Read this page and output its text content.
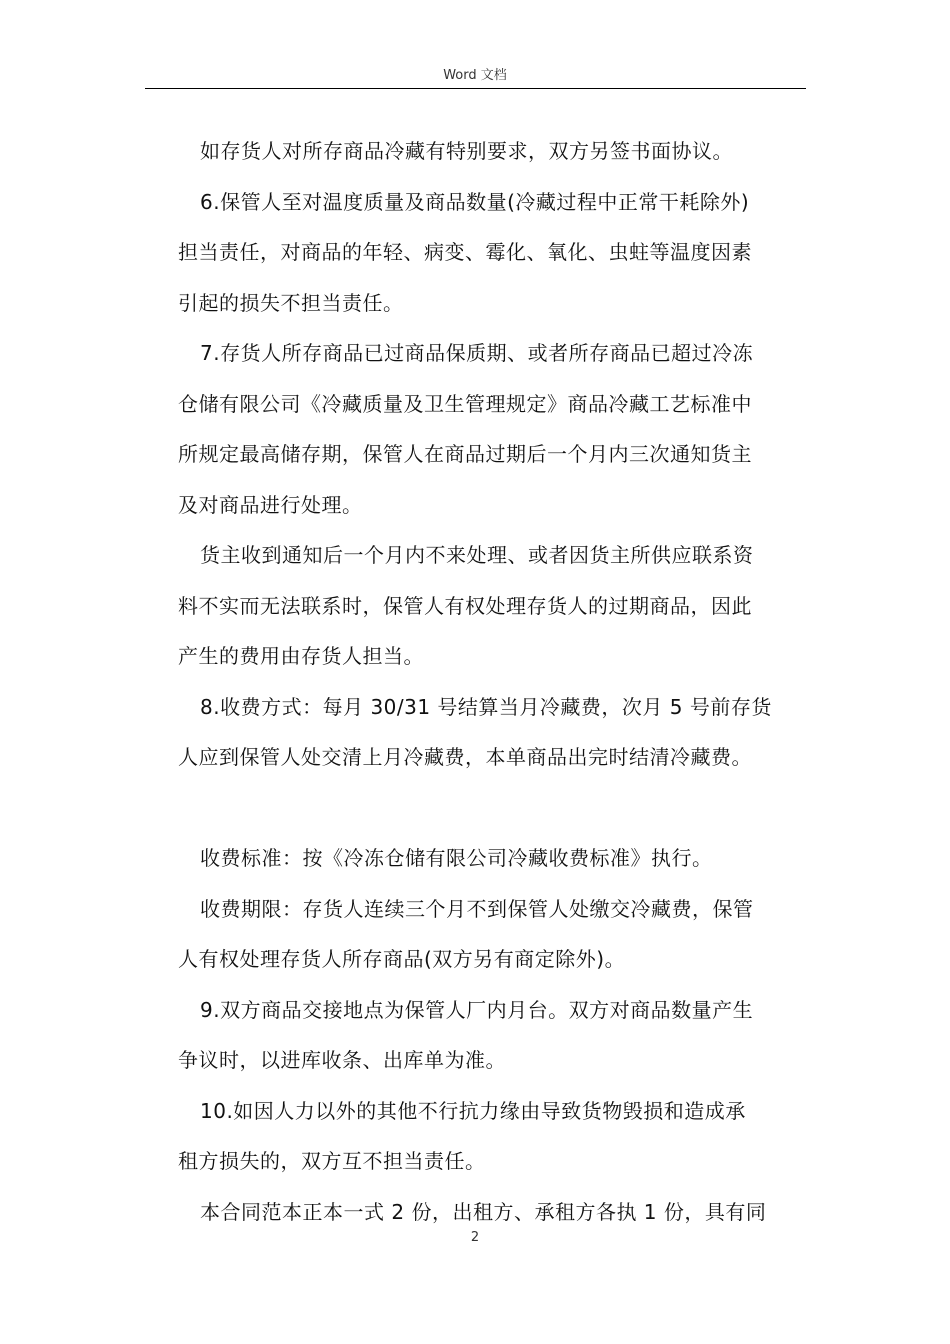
Word 文档

如存货人对所存商品冷藏有特别要求，双方另签书面协议。

6.保管人至对温度质量及商品数量(冷藏过程中正常干耗除外)

担当责任，对商品的年轻、病变、霉化、氧化、虫蛀等温度因素

引起的损失不担当责任。

7.存货人所存商品已过商品保质期、或者所存商品已超过冷冻

仓储有限公司《冷藏质量及卫生管理规定》商品冷藏工艺标准中

所规定最高储存期，保管人在商品过期后一个月内三次通知货主

及对商品进行处理。

货主收到通知后一个月内不来处理、或者因货主所供应联系资

料不实而无法联系时，保管人有权处理存货人的过期商品，因此

产生的费用由存货人担当。

8.收费方式：每月 30/31 号结算当月冷藏费，次月 5 号前存货

人应到保管人处交清上月冷藏费，本单商品出完时结清冷藏费。

收费标准：按《冷冻仓储有限公司冷藏收费标准》执行。

收费期限：存货人连续三个月不到保管人处缴交冷藏费，保管

人有权处理存货人所存商品(双方另有商定除外)。

9.双方商品交接地点为保管人厂内月台。双方对商品数量产生

争议时，以进库收条、出库单为准。

10.如因人力以外的其他不行抗力缘由导致货物毁损和造成承

租方损失的，双方互不担当责任。

本合同范本正本一式 2 份，出租方、承租方各执 1 份，具有同

2
